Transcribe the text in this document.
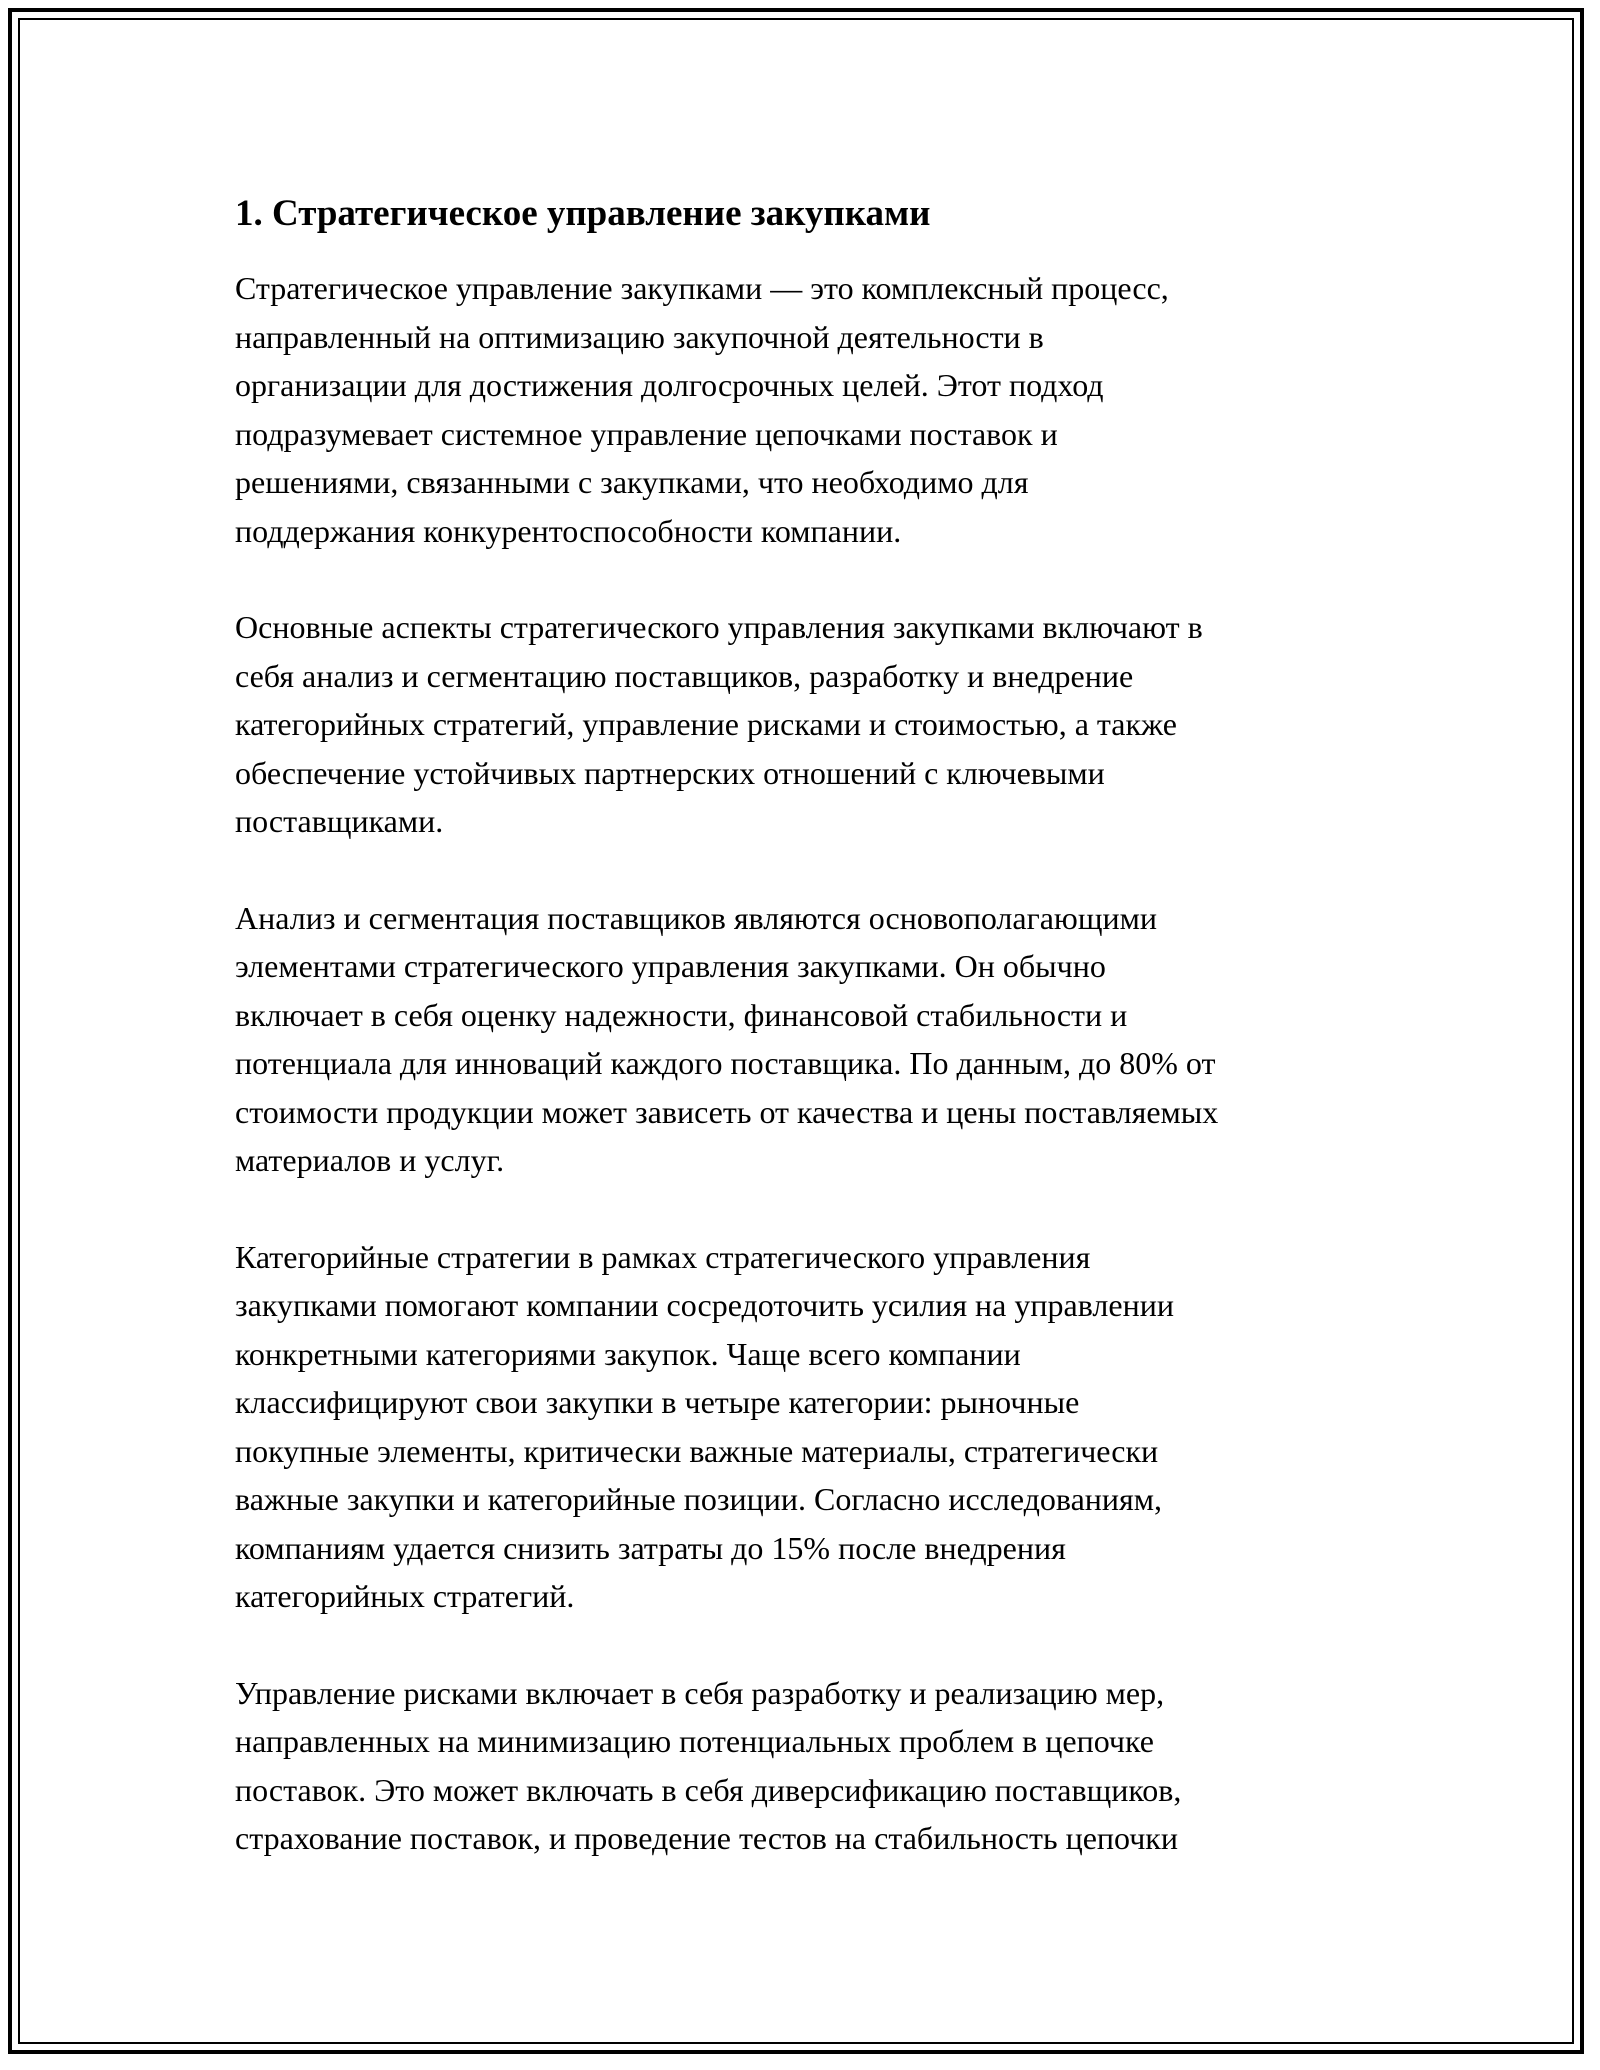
1. Стратегическое управление закупками

Стратегическое управление закупками — это комплексный процесс,
направленный на оптимизацию закупочной деятельности в
организации для достижения долгосрочных целей. Этот подход
подразумевает системное управление цепочками поставок и
решениями, связанными с закупками, что необходимо для
поддержания конкурентоспособности компании.

Основные аспекты стратегического управления закупками включают в
себя анализ и сегментацию поставщиков, разработку и внедрение
категорийных стратегий, управление рисками и стоимостью, а также
обеспечение устойчивых партнерских отношений с ключевыми
поставщиками.

Анализ и сегментация поставщиков являются основополагающими
элементами стратегического управления закупками. Он обычно
включает в себя оценку надежности, финансовой стабильности и
потенциала для инноваций каждого поставщика. По данным, до 80% от
стоимости продукции может зависеть от качества и цены поставляемых
материалов и услуг.

Категорийные стратегии в рамках стратегического управления
закупками помогают компании сосредоточить усилия на управлении
конкретными категориями закупок. Чаще всего компании
классифицируют свои закупки в четыре категории: рыночные
покупные элементы, критически важные материалы, стратегически
важные закупки и категорийные позиции. Согласно исследованиям,
компаниям удается снизить затраты до 15% после внедрения
категорийных стратегий.

Управление рисками включает в себя разработку и реализацию мер,
направленных на минимизацию потенциальных проблем в цепочке
поставок. Это может включать в себя диверсификацию поставщиков,
страхование поставок, и проведение тестов на стабильность цепочки
